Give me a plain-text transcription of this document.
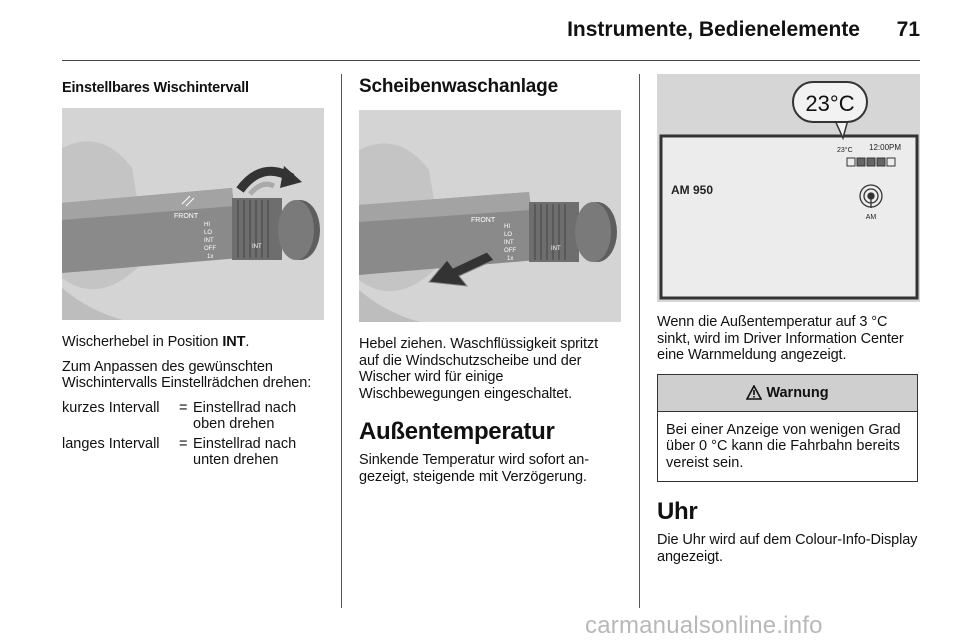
Instrumente, Bedienelemente	71
Einstellbares Wischintervall
FRONT
HI
LO
INT
OFF
1x
INT
Wischerhebel in Position INT.
Zum Anpassen des gewünschten Wischintervalls Einstellrädchen drehen:
kurzes Intervall	=	Einstellrad nach oben drehen
langes Intervall	=	Einstellrad nach unten drehen
Scheibenwaschanlage
FRONT
HI
LO
INT
OFF
1x
INT
Hebel ziehen. Waschflüssigkeit spritzt auf die Windschutzscheibe und der Wischer wird für einige Wischbewegungen eingeschaltet.
Außentemperatur
Sinkende Temperatur wird sofort angezeigt, steigende mit Verzögerung.
23°C
23°C 12:00PM
AM 950
AM
Wenn die Außentemperatur auf 3 °C sinkt, wird im Driver Information Center eine Warnmeldung angezeigt.
Warnung
Bei einer Anzeige von wenigen Grad über 0 °C kann die Fahrbahn bereits vereist sein.
Uhr
Die Uhr wird auf dem Colour-Info-Display angezeigt.
carmanualsonline.info
